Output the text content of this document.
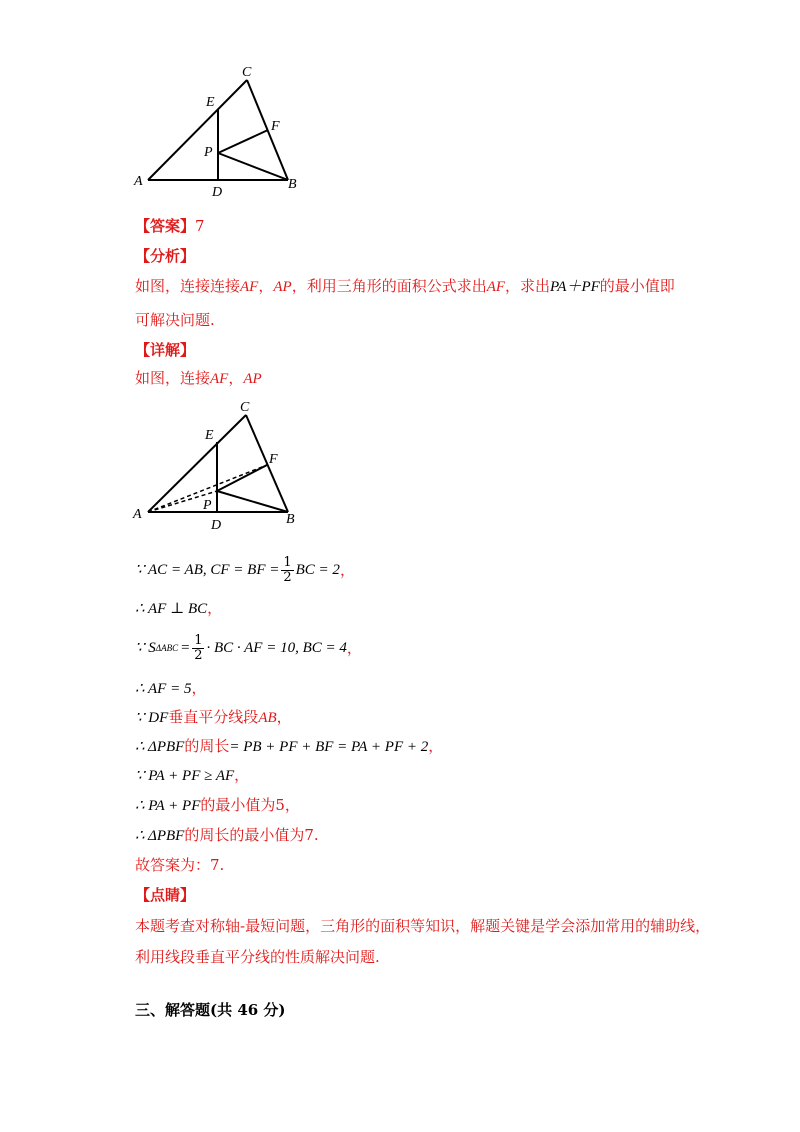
A	B
C
D
E
F
P
【答案】7
【分析】
如图，连接连接AF，AP，利用三角形的面积公式求出AF，求出PA＋PF的最小值即
可解决问题.
【详解】
如图，连接AF，AP
A	B
C
D
E
F
P
∵ AC = AB, CF = BF = $\frac{1}{2}$ BC = 2 ，
∴ AF ⊥ BC，
∵ S $\Delta ABC = \frac{1}{2}$ · BC · AF = 10, BC = 4 ，
∴ AF = 5，
∵ DF垂直平分线段AB，
∴ ΔPBF的周长= PB + PF + BF = PA + PF + 2，
∵ PA + PF ≥ AF，
∴ PA + PF的最小值为5，
∴ ΔPBF的周长的最小值为7.
故答案为：7.
【点睛】
本题考查对称轴-最短问题，三角形的面积等知识，解题关键是学会添加常用的辅助线，
利用线段垂直平分线的性质解决问题.
三、解答题(共 46 分)
